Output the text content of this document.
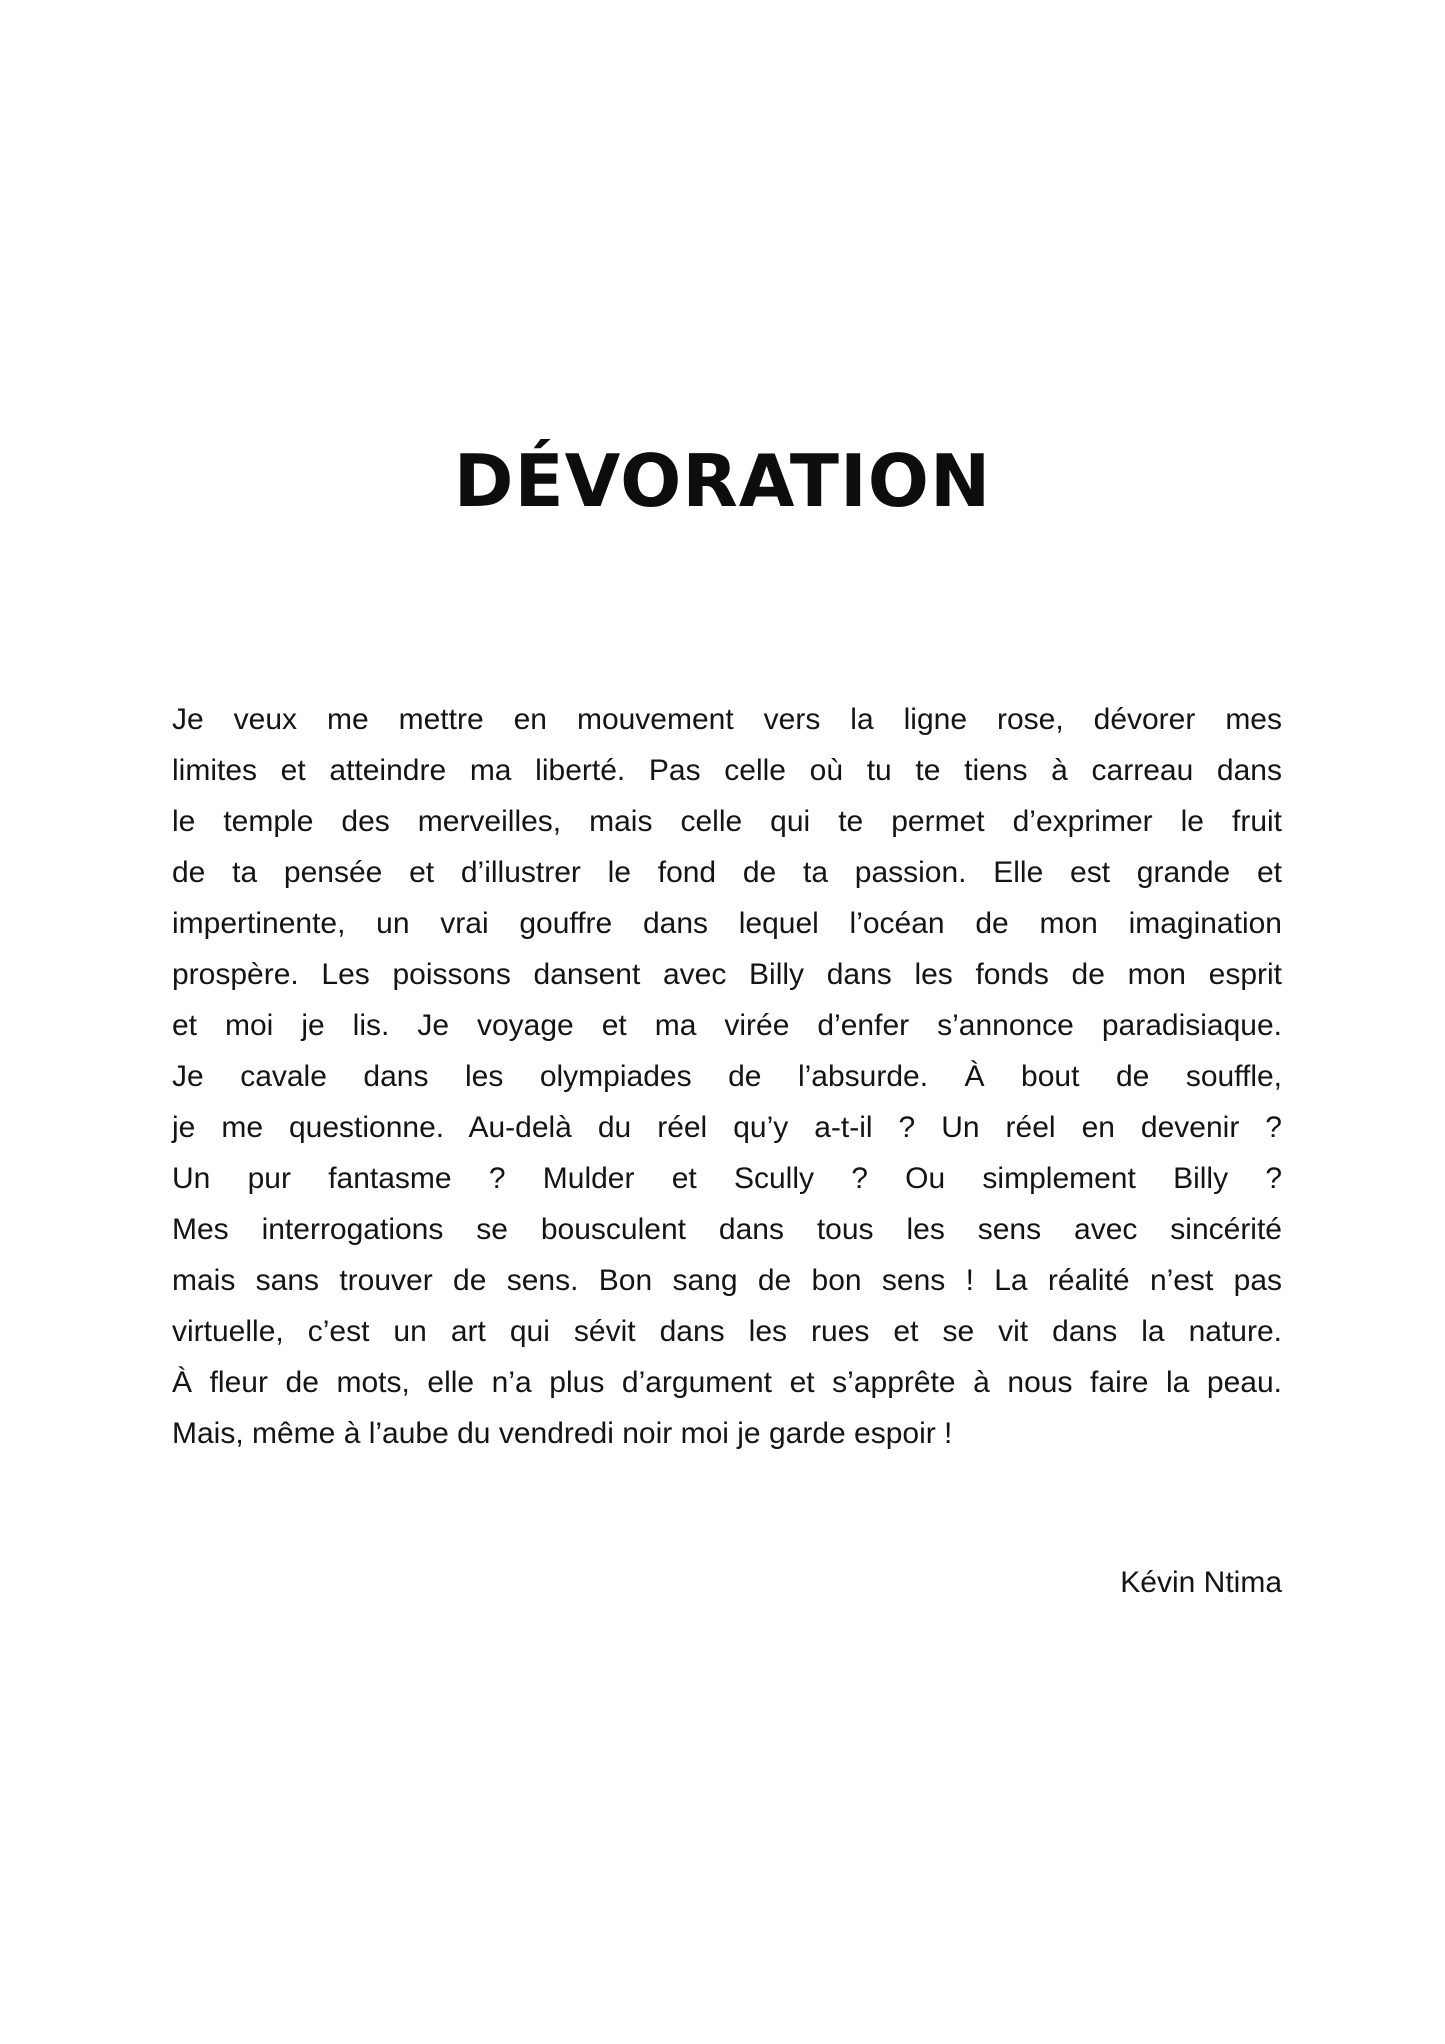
DÉVORATION
Je veux me mettre en mouvement vers la ligne rose, dévorer mes
limites et atteindre ma liberté. Pas celle où tu te tiens à carreau dans
le temple des merveilles, mais celle qui te permet d’exprimer le fruit
de ta pensée et d’illustrer le fond de ta passion. Elle est grande et
impertinente, un vrai gouffre dans lequel l’océan de mon imagination
prospère. Les poissons dansent avec Billy dans les fonds de mon esprit
et moi je lis. Je voyage et ma virée d’enfer s’annonce paradisiaque.
Je cavale dans les olympiades de l’absurde. À bout de souffle,
je me questionne. Au-delà du réel qu’y a-t-il ? Un réel en devenir ?
Un pur fantasme ? Mulder et Scully ? Ou simplement Billy ?
Mes interrogations se bousculent dans tous les sens avec sincérité
mais sans trouver de sens. Bon sang de bon sens ! La réalité n’est pas
virtuelle, c’est un art qui sévit dans les rues et se vit dans la nature.
À fleur de mots, elle n’a plus d’argument et s’apprête à nous faire la peau.
Mais, même à l’aube du vendredi noir moi je garde espoir !
Kévin Ntima
